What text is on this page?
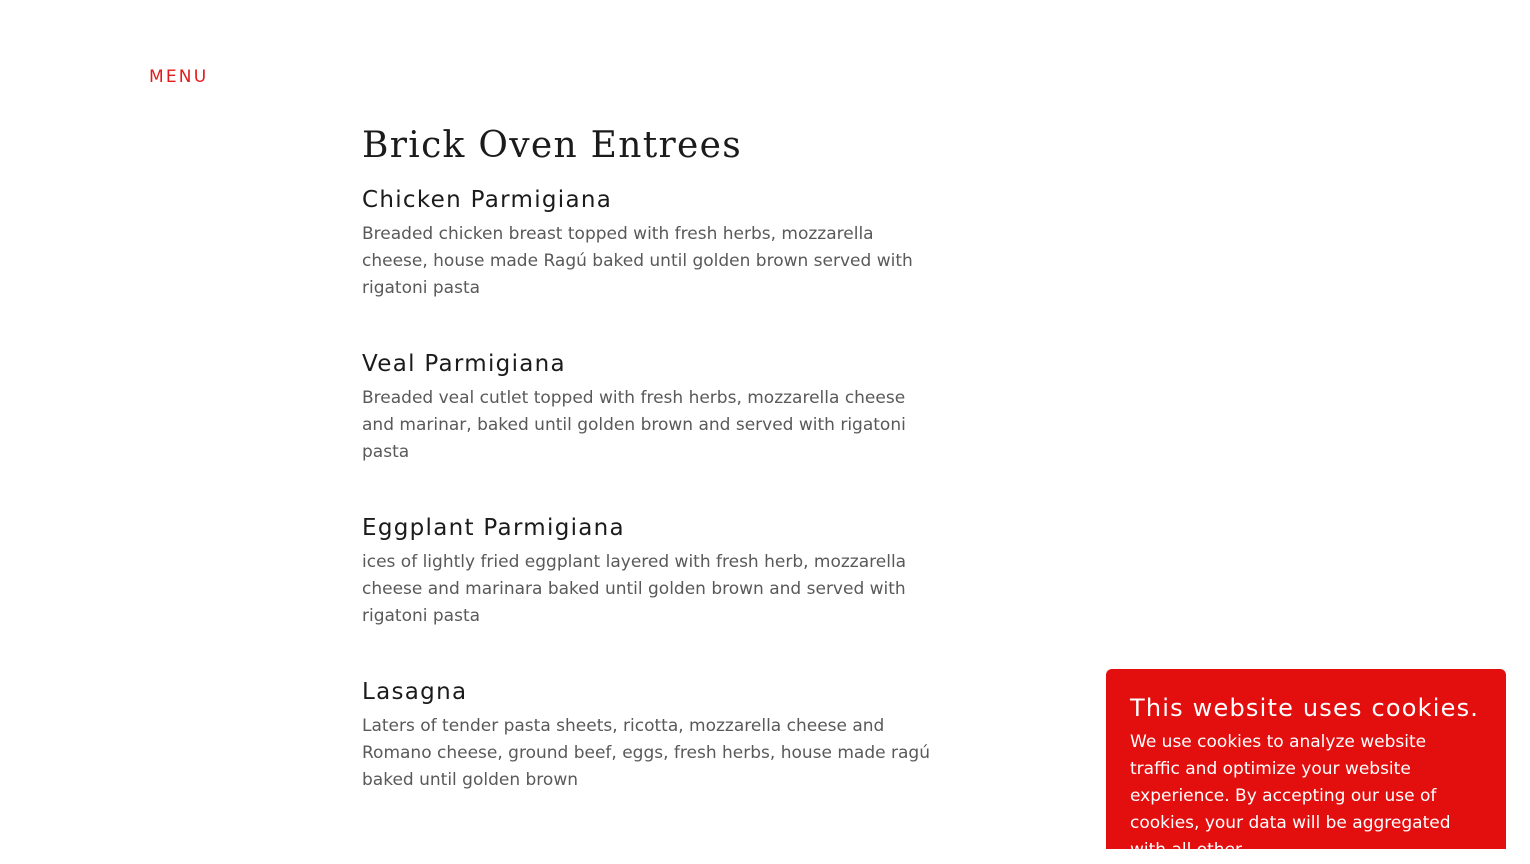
MENU
Brick Oven Entrees
Chicken Parmigiana

Breaded chicken breast topped with fresh herbs, mozzarella cheese, house made Ragú baked until golden brown served with rigatoni pasta

Veal Parmigiana

Breaded veal cutlet topped with fresh herbs, mozzarella cheese and marinar, baked until golden brown and served with rigatoni pasta

Eggplant Parmigiana

ices of lightly fried eggplant layered with fresh herb, mozzarella cheese and marinara baked until golden brown and served with rigatoni pasta

Lasagna

Laters of tender pasta sheets, ricotta, mozzarella cheese and Romano cheese, ground beef, eggs, fresh herbs, house made ragú baked until golden brown

This website uses cookies.

We use cookies to analyze website traffic and optimize your website experience. By accepting our use of cookies, your data will be aggregated with all other
